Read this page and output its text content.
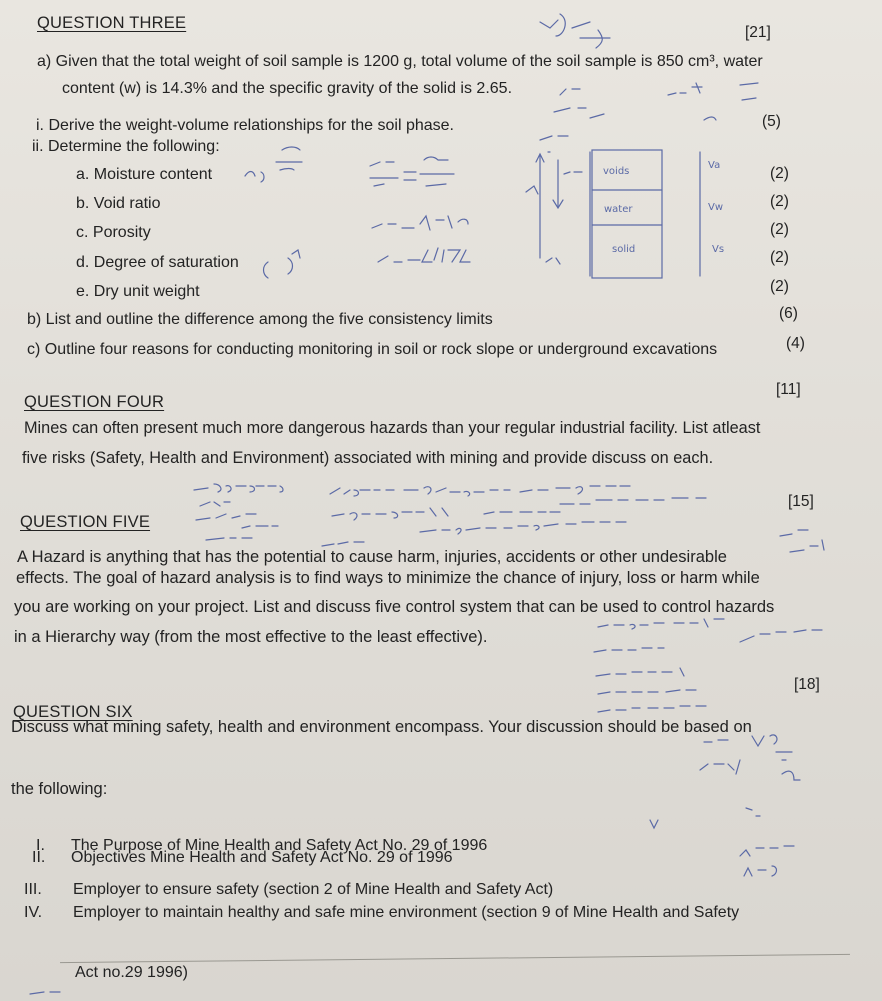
QUESTION THREE
[21]
a) Given that the total weight of soil sample is 1200 g, total volume of the soil sample is 850 cm³, water
content (w) is 14.3% and the specific gravity of the solid is 2.65.
i. Derive the weight-volume relationships for the soil phase.	(5)
ii. Determine the following:
a. Moisture content	(2)
b. Void ratio	(2)
c. Porosity	(2)
d. Degree of saturation	(2)
e. Dry unit weight	(2)
b) List and outline the difference among the five consistency limits	(6)
c) Outline four reasons for conducting monitoring in soil or rock slope or underground excavations	(4)
QUESTION FOUR
[11]
Mines can often present much more dangerous hazards than your regular industrial facility. List atleast
five risks (Safety, Health and Environment) associated with mining and provide discuss on each.
QUESTION FIVE
[15]
A Hazard is anything that has the potential to cause harm, injuries, accidents or other undesirable
effects. The goal of hazard analysis is to find ways to minimize the chance of injury, loss or harm while
you are working on your project. List and discuss five control system that can be used to control hazards
in a Hierarchy way (from the most effective to the least effective).
QUESTION SIX
[18]
Discuss what mining safety, health and environment encompass. Your discussion should be based on
the following:
I. The Purpose of Mine Health and Safety Act No. 29 of 1996
II. Objectives Mine Health and Safety Act No. 29 of 1996
III. Employer to ensure safety (section 2 of Mine Health and Safety Act)
IV. Employer to maintain healthy and safe mine environment (section 9 of Mine Health and Safety
Act no.29 1996)
voids
water
solid
Va
Vw
Vs
